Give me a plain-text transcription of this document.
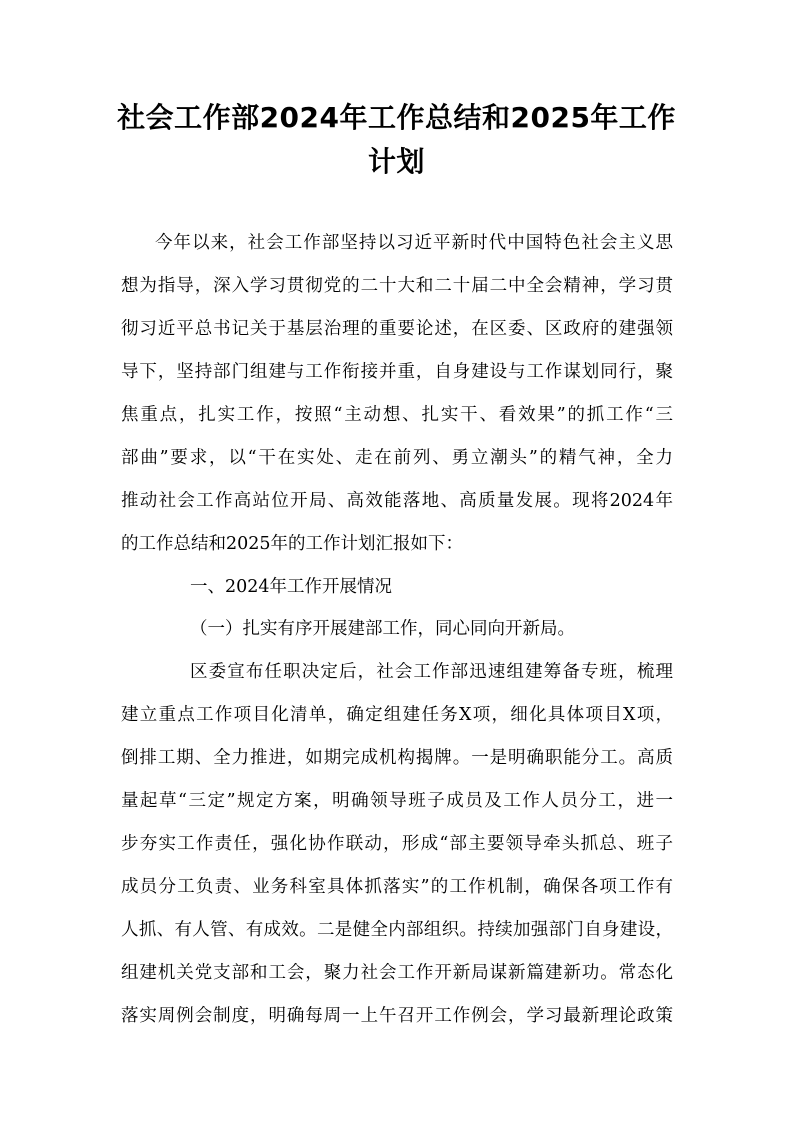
社会工作部2024年工作总结和2025年工作
计划
今年以来，社会工作部坚持以习近平新时代中国特色社会主义思
想为指导，深入学习贯彻党的二十大和二十届二中全会精神，学习贯
彻习近平总书记关于基层治理的重要论述，在区委、区政府的建强领
导下，坚持部门组建与工作衔接并重，自身建设与工作谋划同行，聚
焦重点，扎实工作，按照“主动想、扎实干、看效果”的抓工作“三
部曲”要求，以“干在实处、走在前列、勇立潮头”的精气神，全力
推动社会工作高站位开局、高效能落地、高质量发展。现将2024年
的工作总结和2025年的工作计划汇报如下：
一、2024年工作开展情况
（一）扎实有序开展建部工作，同心同向开新局。
区委宣布任职决定后，社会工作部迅速组建筹备专班，梳理
建立重点工作项目化清单，确定组建任务X项，细化具体项目X项，
倒排工期、全力推进，如期完成机构揭牌。一是明确职能分工。高质
量起草“三定”规定方案，明确领导班子成员及工作人员分工，进一
步夯实工作责任，强化协作联动，形成“部主要领导牵头抓总、班子
成员分工负责、业务科室具体抓落实”的工作机制，确保各项工作有
人抓、有人管、有成效。二是健全内部组织。持续加强部门自身建设，
组建机关党支部和工会，聚力社会工作开新局谋新篇建新功。常态化
落实周例会制度，明确每周一上午召开工作例会，学习最新理论政策
